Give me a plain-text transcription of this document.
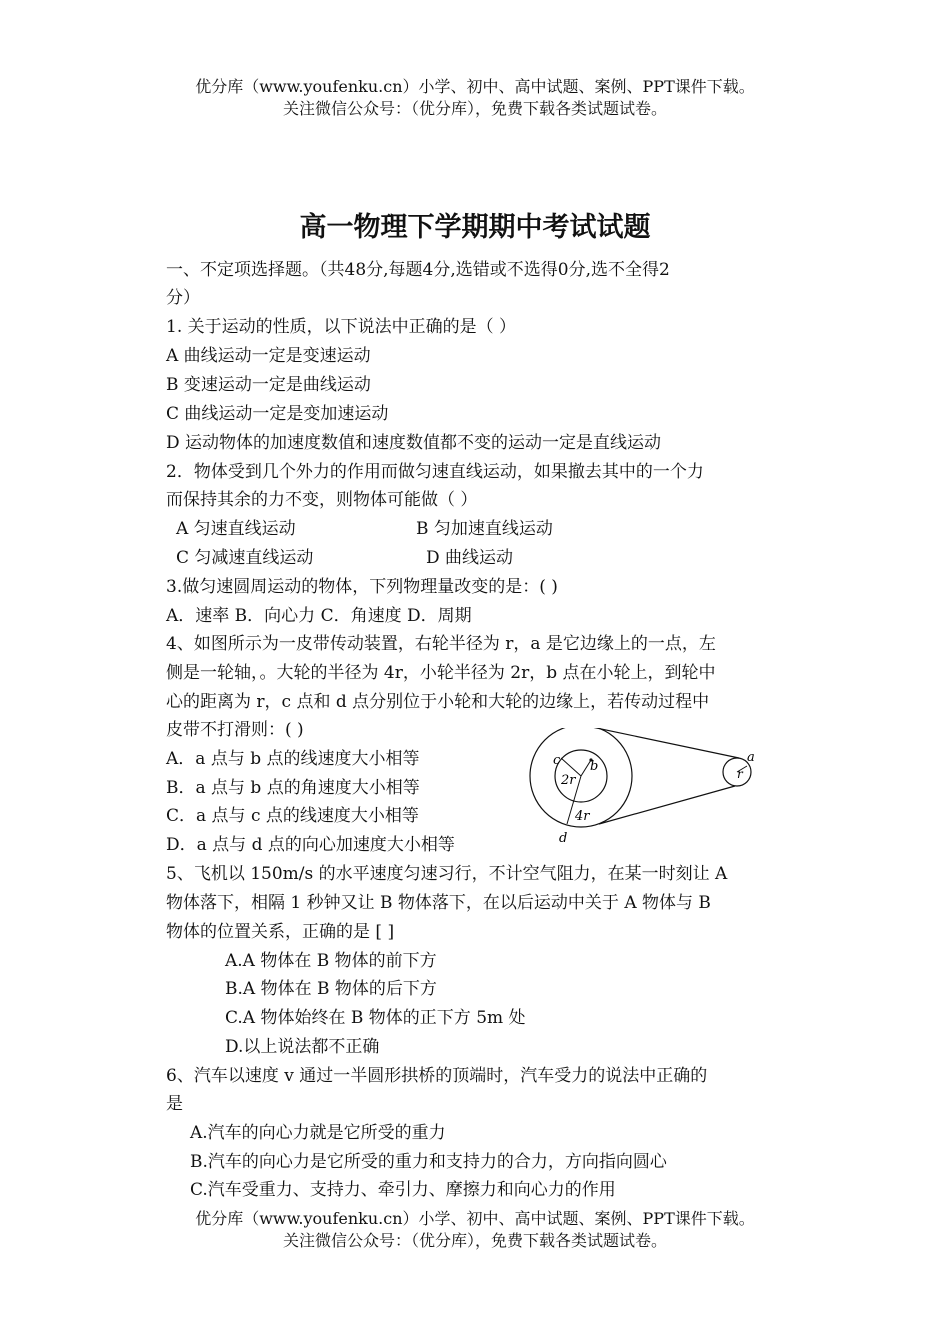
优分库（www.youfenku.cn）小学、初中、高中试题、案例、PPT课件下载。
关注微信公众号：（优分库），免费下载各类试题试卷。
高一物理下学期期中考试试题
一、不定项选择题。（共48分,每题4分,选错或不选得0分,选不全得2
分）
1. 关于运动的性质，以下说法中正确的是（ ）
A 曲线运动一定是变速运动
B 变速运动一定是曲线运动
C 曲线运动一定是变加速运动
D 运动物体的加速度数值和速度数值都不变的运动一定是直线运动
2．物体受到几个外力的作用而做匀速直线运动，如果撤去其中的一个力
而保持其余的力不变，则物体可能做（ ）
A 匀速直线运动	B 匀加速直线运动
C 匀减速直线运动	D 曲线运动
3.做匀速圆周运动的物体，下列物理量改变的是：( )
A．速率 B．向心力 C．角速度 D．周期
4、如图所示为一皮带传动装置，右轮半径为 r，a 是它边缘上的一点，左
侧是一轮轴，。大轮的半径为 4r，小轮半径为 2r，b 点在小轮上，到轮中
心的距离为 r，c 点和 d 点分别位于小轮和大轮的边缘上，若传动过程中
皮带不打滑则：( )
A．a 点与 b 点的线速度大小相等
B．a 点与 b 点的角速度大小相等
C．a 点与 c 点的线速度大小相等
D．a 点与 d 点的向心加速度大小相等
c b
2r
4r
d
a
r
5、飞机以 150m/s 的水平速度匀速习行，不计空气阻力，在某一时刻让 A
物体落下，相隔 1 秒钟又让 B 物体落下，在以后运动中关于 A 物体与 B
物体的位置关系，正确的是 [ ]
A.A 物体在 B 物体的前下方
B.A 物体在 B 物体的后下方
C.A 物体始终在 B 物体的正下方 5m 处
D.以上说法都不正确
6、汽车以速度 v 通过一半圆形拱桥的顶端时，汽车受力的说法中正确的
是
A.汽车的向心力就是它所受的重力
B.汽车的向心力是它所受的重力和支持力的合力，方向指向圆心
C.汽车受重力、支持力、牵引力、摩擦力和向心力的作用
优分库（www.youfenku.cn）小学、初中、高中试题、案例、PPT课件下载。
关注微信公众号：（优分库），免费下载各类试题试卷。
